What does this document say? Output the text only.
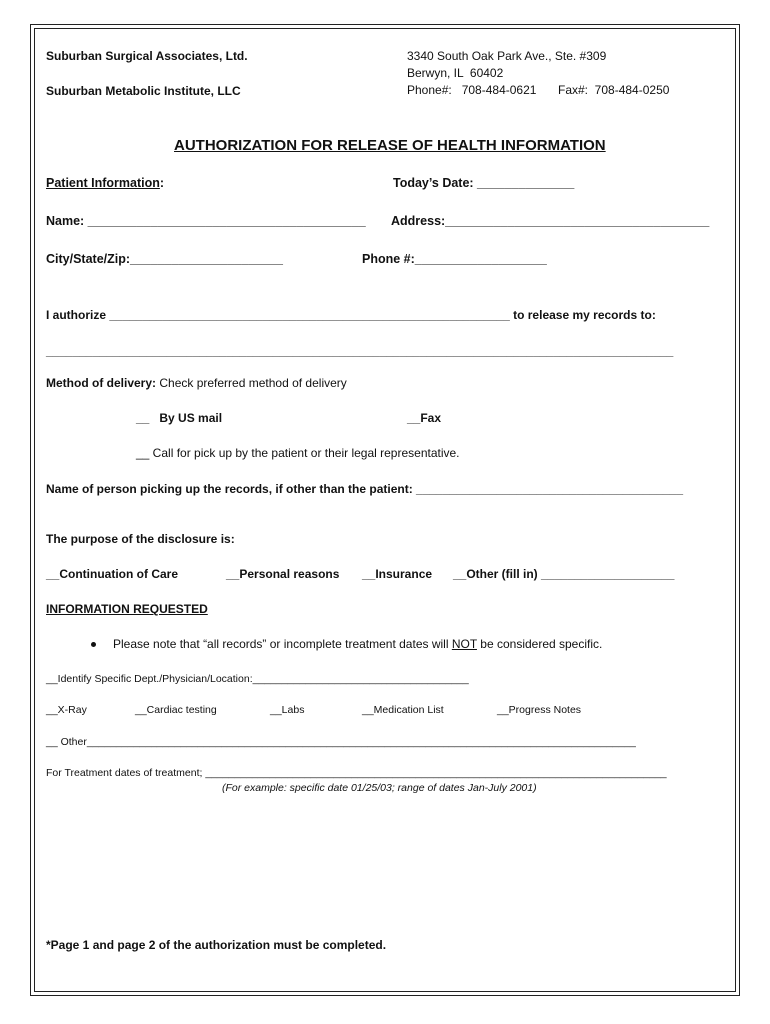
Suburban Surgical Associates, Ltd.
Suburban Metabolic Institute, LLC
3340 South Oak Park Ave., Ste. #309
Berwyn, IL  60402
Phone#:   708-484-0621 Fax#:  708-484-0250
AUTHORIZATION FOR RELEASE OF HEALTH INFORMATION
Patient Information:	Today’s Date: ______________
Name: ________________________________________ Address:______________________________________
City/State/Zip:______________________	Phone #:___________________
I authorize ____________________________________________________________ to release my records to:
______________________________________________________________________________________________
Method of delivery: Check preferred method of delivery
__   By US mail	__Fax
__ Call for pick up by the patient or their legal representative.
Name of person picking up the records, if other than the patient: ________________________________________
The purpose of the disclosure is:
__Continuation of Care	__Personal reasons __Insurance __Other (fill in) ____________________
INFORMATION REQUESTED
Please note that “all records” or incomplete treatment dates will NOT be considered specific.
__Identify Specific Dept./Physician/Location:_____________________________________
__X-Ray	__Cardiac testing	__Labs	__Medication List	__Progress Notes
__ Other______________________________________________________________________________________________
For Treatment dates of treatment; _______________________________________________________________________________
(For example: specific date 01/25/03; range of dates Jan-July 2001)
*Page 1 and page 2 of the authorization must be completed.
